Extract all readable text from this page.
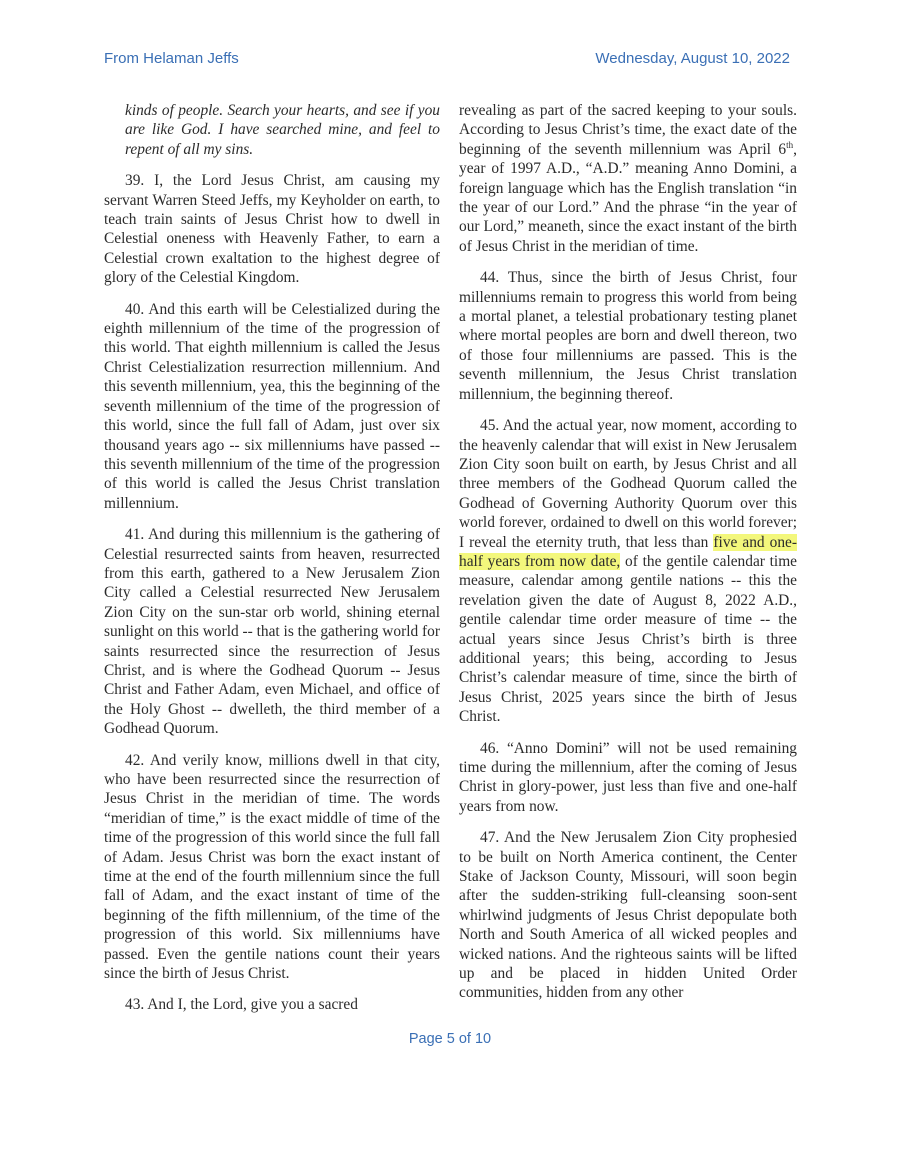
From Helaman Jeffs	Wednesday, August 10, 2022

kinds of people. Search your hearts, and see if you are like God. I have searched mine, and feel to repent of all my sins.

39. I, the Lord Jesus Christ, am causing my servant Warren Steed Jeffs, my Keyholder on earth, to teach train saints of Jesus Christ how to dwell in Celestial oneness with Heavenly Father, to earn a Celestial crown exaltation to the highest degree of glory of the Celestial Kingdom.

40. And this earth will be Celestialized during the eighth millennium of the time of the progression of this world. That eighth millennium is called the Jesus Christ Celestialization resurrection millennium. And this seventh millennium, yea, this the beginning of the seventh millennium of the time of the progression of this world, since the full fall of Adam, just over six thousand years ago -- six millenniums have passed -- this seventh millennium of the time of the progression of this world is called the Jesus Christ translation millennium.

41. And during this millennium is the gathering of Celestial resurrected saints from heaven, resurrected from this earth, gathered to a New Jerusalem Zion City called a Celestial resurrected New Jerusalem Zion City on the sun-star orb world, shining eternal sunlight on this world -- that is the gathering world for saints resurrected since the resurrection of Jesus Christ, and is where the Godhead Quorum -- Jesus Christ and Father Adam, even Michael, and office of the Holy Ghost -- dwelleth, the third member of a Godhead Quorum.

42. And verily know, millions dwell in that city, who have been resurrected since the resurrection of Jesus Christ in the meridian of time. The words “meridian of time,” is the exact middle of time of the time of the progression of this world since the full fall of Adam. Jesus Christ was born the exact instant of time at the end of the fourth millennium since the full fall of Adam, and the exact instant of time of the beginning of the fifth millennium, of the time of the progression of this world. Six millenniums have passed. Even the gentile nations count their years since the birth of Jesus Christ.

43. And I, the Lord, give you a sacred

revealing as part of the sacred keeping to your souls. According to Jesus Christ’s time, the exact date of the beginning of the seventh millennium was April 6th, year of 1997 A.D., “A.D.” meaning Anno Domini, a foreign language which has the English translation “in the year of our Lord.” And the phrase “in the year of our Lord,” meaneth, since the exact instant of the birth of Jesus Christ in the meridian of time.

44. Thus, since the birth of Jesus Christ, four millenniums remain to progress this world from being a mortal planet, a telestial probationary testing planet where mortal peoples are born and dwell thereon, two of those four millenniums are passed. This is the seventh millennium, the Jesus Christ translation millennium, the beginning thereof.

45. And the actual year, now moment, according to the heavenly calendar that will exist in New Jerusalem Zion City soon built on earth, by Jesus Christ and all three members of the Godhead Quorum called the Godhead of Governing Authority Quorum over this world forever, ordained to dwell on this world forever; I reveal the eternity truth, that less than five and one-half years from now date, of the gentile calendar time measure, calendar among gentile nations -- this the revelation given the date of August 8, 2022 A.D., gentile calendar time order measure of time -- the actual years since Jesus Christ’s birth is three additional years; this being, according to Jesus Christ’s calendar measure of time, since the birth of Jesus Christ, 2025 years since the birth of Jesus Christ.

46. “Anno Domini” will not be used remaining time during the millennium, after the coming of Jesus Christ in glory-power, just less than five and one-half years from now.

47. And the New Jerusalem Zion City prophesied to be built on North America continent, the Center Stake of Jackson County, Missouri, will soon begin after the sudden-striking full-cleansing soon-sent whirlwind judgments of Jesus Christ depopulate both North and South America of all wicked peoples and wicked nations. And the righteous saints will be lifted up and be placed in hidden United Order communities, hidden from any other

Page 5 of 10
